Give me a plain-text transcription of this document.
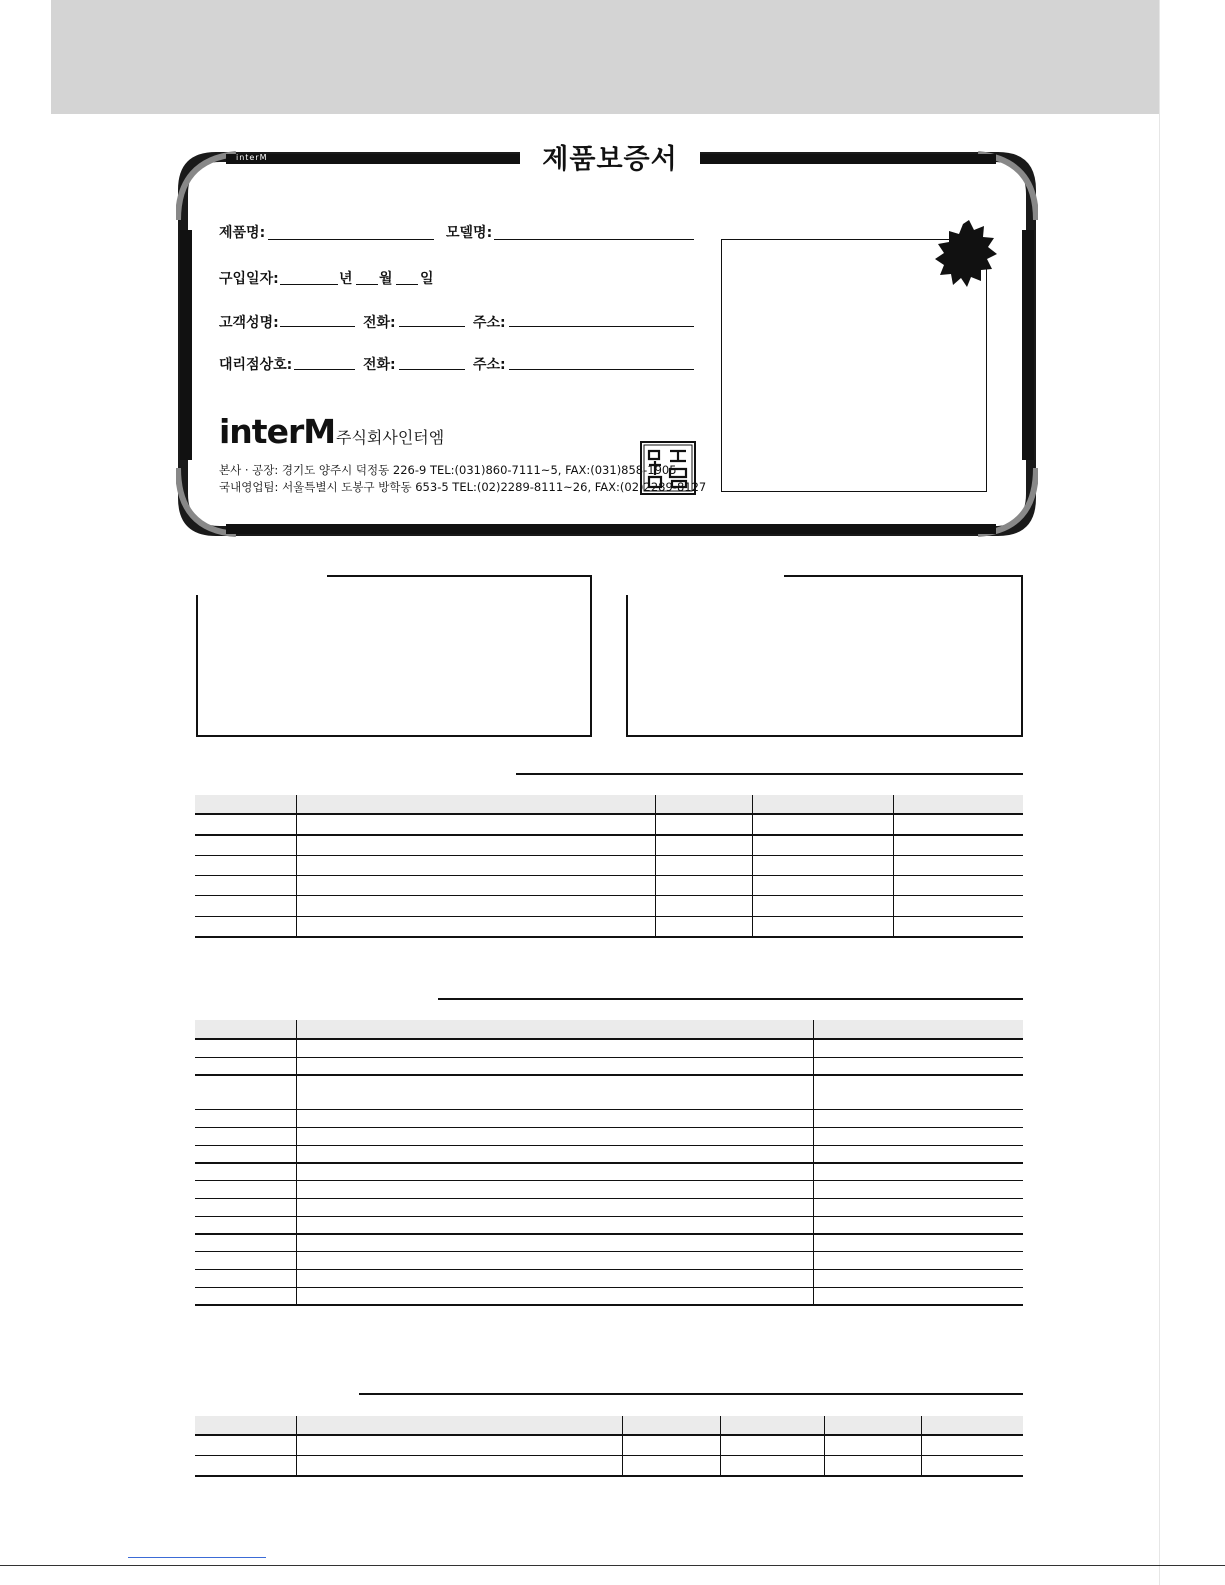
interM	제품보증서
제품명:	모델명:
구입일자:	년 월 일
고객성명:	전화:	주소:
대리점상호:	전화:	주소:
interM 주식회사인터엠
본사 · 공장: 경기도 양주시 덕정동 226-9 TEL:(031)860-7111~5, FAX:(031)858-1905
국내영업팀: 서울특별시 도봉구 방학동 653-5 TEL:(02)2289-8111~26, FAX:(02)2289-8127
